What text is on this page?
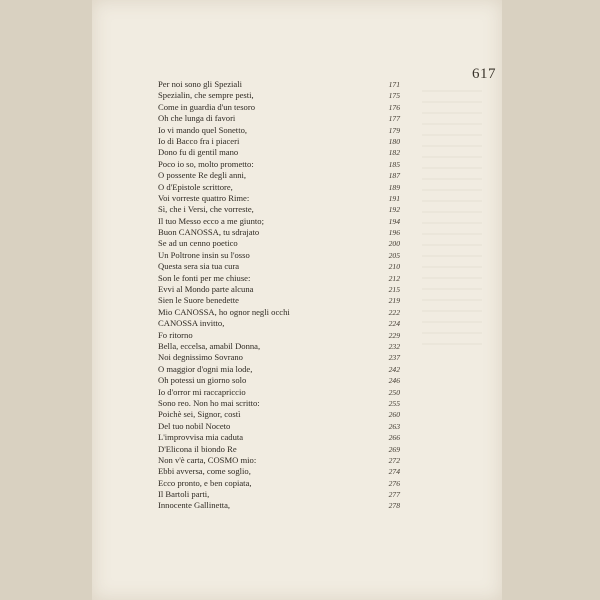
617
Per noi sono gli Speziali	171
Spezialin, che sempre pesti,	175
Come in guardia d'un tesoro	176
Oh che lunga di favori	177
Io vi mando quel Sonetto,	179
Io di Bacco fra i piaceri	180
Dono fu di gentil mano	182
Poco io so, molto prometto:	185
O possente Re degli anni,	187
O d'Epistole scrittore,	189
Voi vorreste quattro Rime:	191
Sì, che i Versi, che vorreste,	192
Il tuo Messo ecco a me giunto;	194
Buon CANOSSA, tu sdrajato	196
Se ad un cenno poetico	200
Un Poltrone insin su l'osso	205
Questa sera sia tua cura	210
Son le fonti per me chiuse:	212
Evvi al Mondo parte alcuna	215
Sien le Suore benedette	219
Mio CANOSSA, ho ognor negli occhi	222
CANOSSA invitto,	224
Fo ritorno	229
Bella, eccelsa, amabil Donna,	232
Noi degnissimo Sovrano	237
O maggior d'ogni mia lode,	242
Oh potessi un giorno solo	246
Io d'orror mi raccapriccio	250
Sono reo. Non ho mai scritto:	255
Poichè sei, Signor, costì	260
Del tuo nobil Noceto	263
L'improvvisa mia caduta	266
D'Elicona il biondo Re	269
Non v'è carta, COSMO mio:	272
Ebbi avversa, come soglio,	274
Ecco pronto, e ben copiata,	276
Il Bartoli parti,	277
Innocente Gallinetta,	278
